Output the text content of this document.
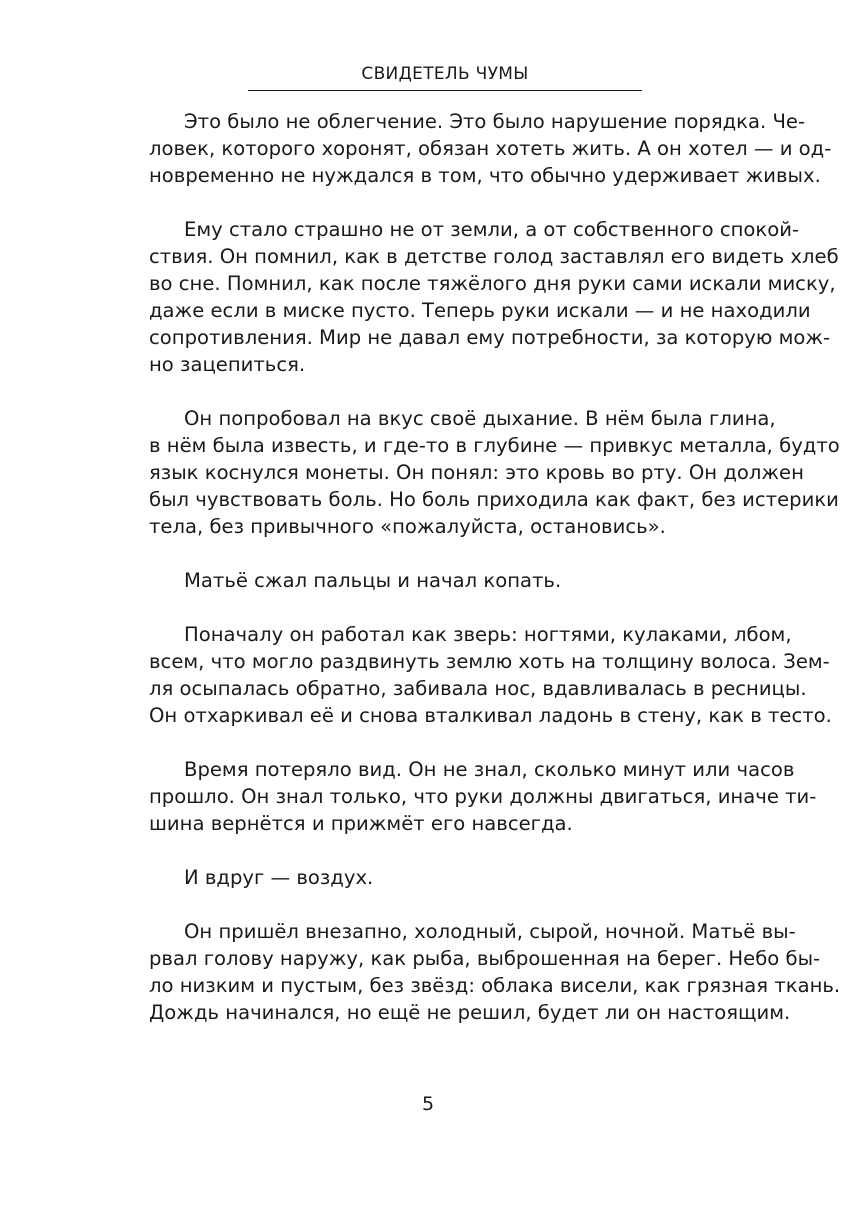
СВИДЕТЕЛЬ ЧУМЫ
Это было не облегчение. Это было нарушение порядка. Че-
ловек, которого хоронят, обязан хотеть жить. А он хотел — и од-
новременно не нуждался в том, что обычно удерживает живых.
Ему стало страшно не от земли, а от собственного спокой-
ствия. Он помнил, как в детстве голод заставлял его видеть хлеб
во сне. Помнил, как после тяжёлого дня руки сами искали миску,
даже если в миске пусто. Теперь руки искали — и не находили
сопротивления. Мир не давал ему потребности, за которую мож-
но зацепиться.
Он попробовал на вкус своё дыхание. В нём была глина,
в нём была известь, и где-то в глубине — привкус металла, будто
язык коснулся монеты. Он понял: это кровь во рту. Он должен
был чувствовать боль. Но боль приходила как факт, без истерики
тела, без привычного «пожалуйста, остановись».
Матьё сжал пальцы и начал копать.
Поначалу он работал как зверь: ногтями, кулаками, лбом,
всем, что могло раздвинуть землю хоть на толщину волоса. Зем-
ля осыпалась обратно, забивала нос, вдавливалась в ресницы.
Он отхаркивал её и снова вталкивал ладонь в стену, как в тесто.
Время потеряло вид. Он не знал, сколько минут или часов
прошло. Он знал только, что руки должны двигаться, иначе ти-
шина вернётся и прижмёт его навсегда.
И вдруг — воздух.
Он пришёл внезапно, холодный, сырой, ночной. Матьё вы-
рвал голову наружу, как рыба, выброшенная на берег. Небо бы-
ло низким и пустым, без звёзд: облака висели, как грязная ткань.
Дождь начинался, но ещё не решил, будет ли он настоящим.
5
